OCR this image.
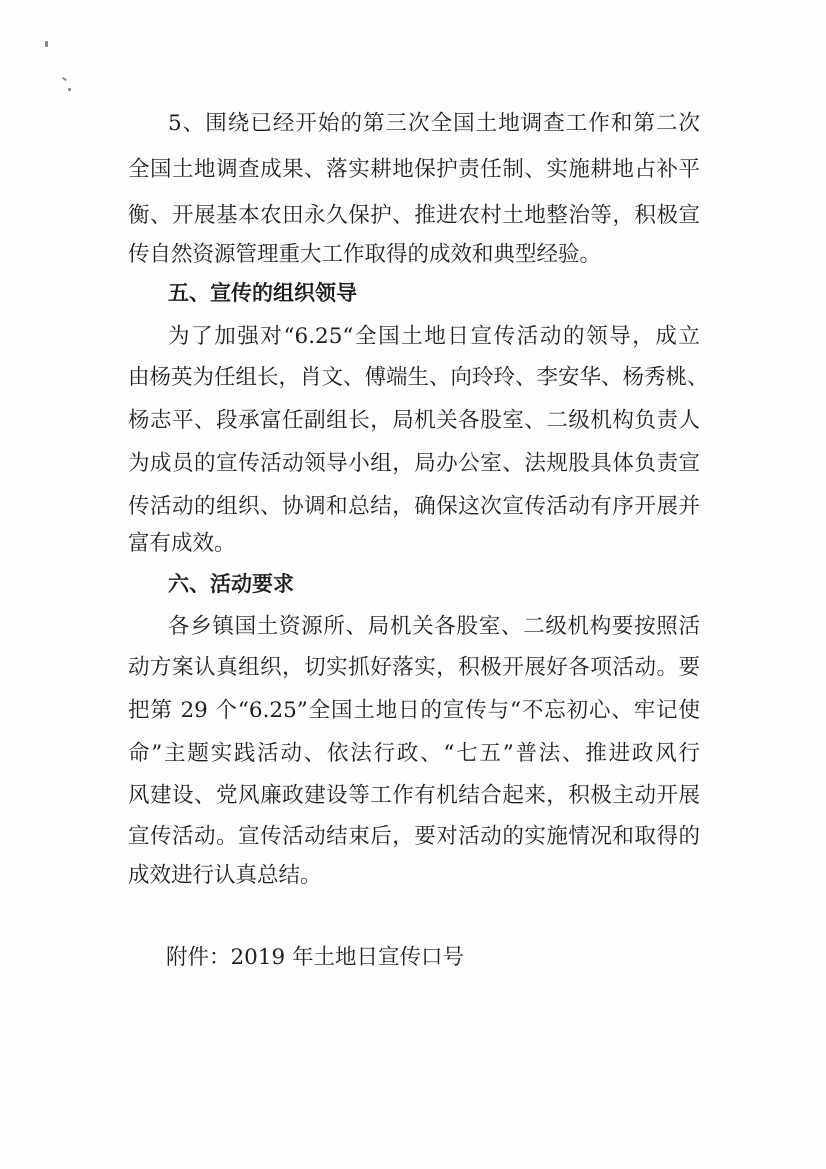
5、围绕已经开始的第三次全国土地调查工作和第二次
全国土地调查成果、落实耕地保护责任制、实施耕地占补平
衡、开展基本农田永久保护、推进农村土地整治等，积极宣
传自然资源管理重大工作取得的成效和典型经验。
五、宣传的组织领导
为了加强对“6.25“全国土地日宣传活动的领导，成立
由杨英为任组长，肖文、傅端生、向玲玲、李安华、杨秀桃、
杨志平、段承富任副组长，局机关各股室、二级机构负责人
为成员的宣传活动领导小组，局办公室、法规股具体负责宣
传活动的组织、协调和总结，确保这次宣传活动有序开展并
富有成效。
六、活动要求
各乡镇国土资源所、局机关各股室、二级机构要按照活
动方案认真组织，切实抓好落实，积极开展好各项活动。要
把第 29 个“6.25”全国土地日的宣传与“不忘初心、牢记使
命”主题实践活动、依法行政、“七五”普法、推进政风行
风建设、党风廉政建设等工作有机结合起来，积极主动开展
宣传活动。宣传活动结束后，要对活动的实施情况和取得的
成效进行认真总结。
附件：2019 年土地日宣传口号
